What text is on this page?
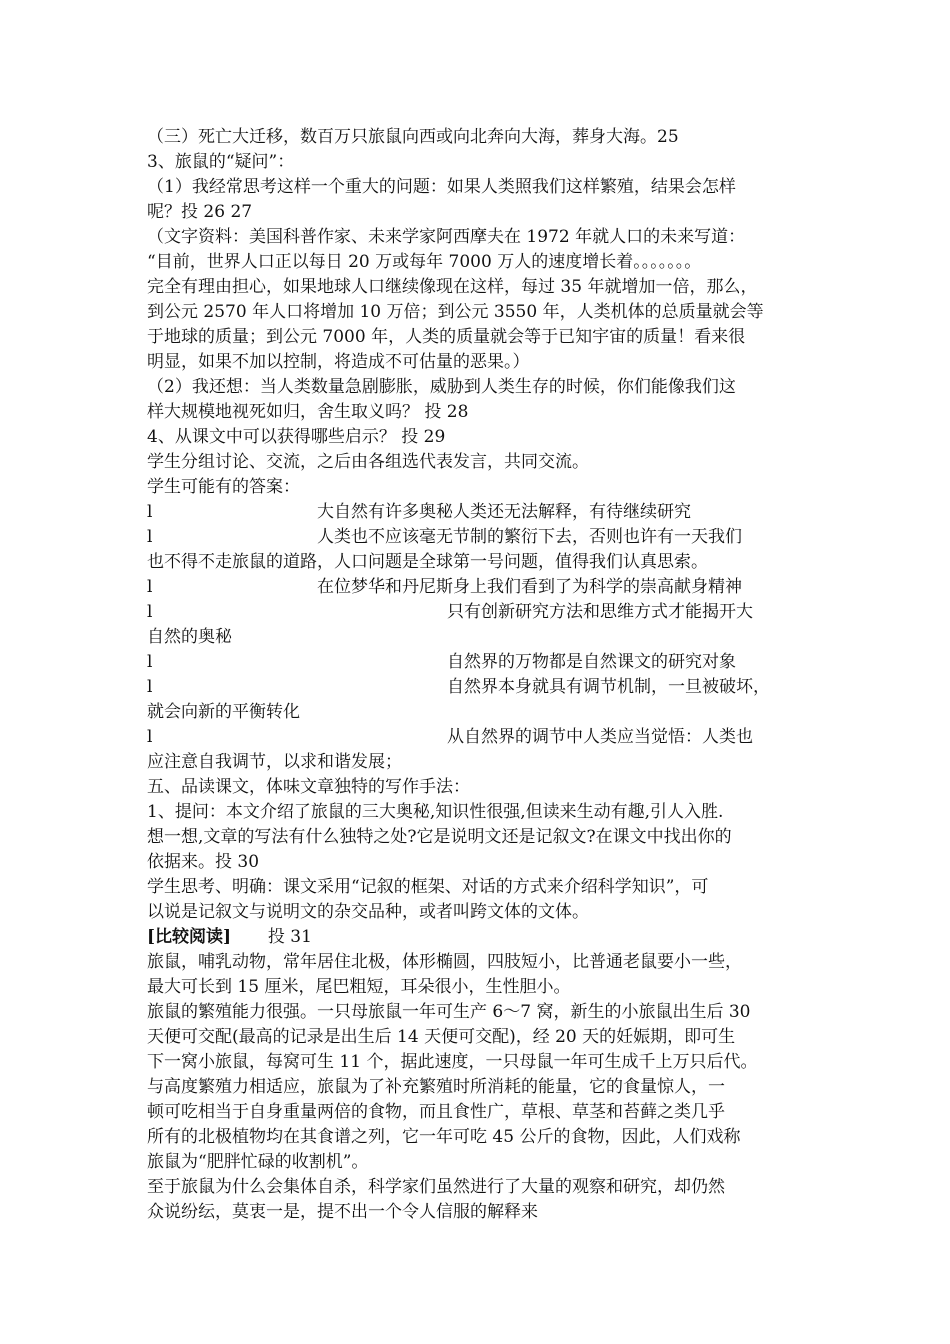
（三）死亡大迁移，数百万只旅鼠向西或向北奔向大海，葬身大海。25
3、旅鼠的“疑问”：
（1）我经常思考这样一个重大的问题：如果人类照我们这样繁殖，结果会怎样
呢？投 26 27
（文字资料：美国科普作家、未来学家阿西摩夫在 1972 年就人口的未来写道：
“目前，世界人口正以每日 20 万或每年 7000 万人的速度增长着。。。。。。。
完全有理由担心，如果地球人口继续像现在这样，每过 35 年就增加一倍，那么，
到公元 2570 年人口将增加 10 万倍；到公元 3550 年，人类机体的总质量就会等
于地球的质量；到公元 7000 年，人类的质量就会等于已知宇宙的质量！看来很
明显，如果不加以控制，将造成不可估量的恶果。）
（2）我还想：当人类数量急剧膨胀，威胁到人类生存的时候，你们能像我们这
样大规模地视死如归，舍生取义吗？ 投 28
4、从课文中可以获得哪些启示？ 投 29
学生分组讨论、交流，之后由各组选代表发言，共同交流。
学生可能有的答案：
l	大自然有许多奥秘人类还无法解释，有待继续研究
l	人类也不应该毫无节制的繁衍下去，否则也许有一天我们
也不得不走旅鼠的道路，人口问题是全球第一号问题，值得我们认真思索。
l	在位梦华和丹尼斯身上我们看到了为科学的崇高献身精神
l	只有创新研究方法和思维方式才能揭开大
自然的奥秘
l	自然界的万物都是自然课文的研究对象
l	自然界本身就具有调节机制，一旦被破坏，
就会向新的平衡转化
l	从自然界的调节中人类应当觉悟：人类也
应注意自我调节，以求和谐发展；
五、品读课文，体味文章独特的写作手法：
1、提问：本文介绍了旅鼠的三大奥秘,知识性很强,但读来生动有趣,引人入胜.
想一想,文章的写法有什么独特之处?它是说明文还是记叙文?在课文中找出你的
依据来。投 30
学生思考、明确：课文采用“记叙的框架、对话的方式来介绍科学知识”，可
以说是记叙文与说明文的杂交品种，或者叫跨文体的文体。
[比较阅读] 投 31
旅鼠，哺乳动物，常年居住北极，体形椭圆，四肢短小，比普通老鼠要小一些，
最大可长到 15 厘米，尾巴粗短，耳朵很小，生性胆小。
旅鼠的繁殖能力很强。一只母旅鼠一年可生产 6～7 窝，新生的小旅鼠出生后 30
天便可交配(最高的记录是出生后 14 天便可交配)，经 20 天的妊娠期，即可生
下一窝小旅鼠，每窝可生 11 个，据此速度，一只母鼠一年可生成千上万只后代。
与高度繁殖力相适应，旅鼠为了补充繁殖时所消耗的能量，它的食量惊人，一
顿可吃相当于自身重量两倍的食物，而且食性广，草根、草茎和苔藓之类几乎
所有的北极植物均在其食谱之列，它一年可吃 45 公斤的食物，因此，人们戏称
旅鼠为“肥胖忙碌的收割机”。
至于旅鼠为什么会集体自杀，科学家们虽然进行了大量的观察和研究，却仍然
众说纷纭，莫衷一是，提不出一个令人信服的解释来
